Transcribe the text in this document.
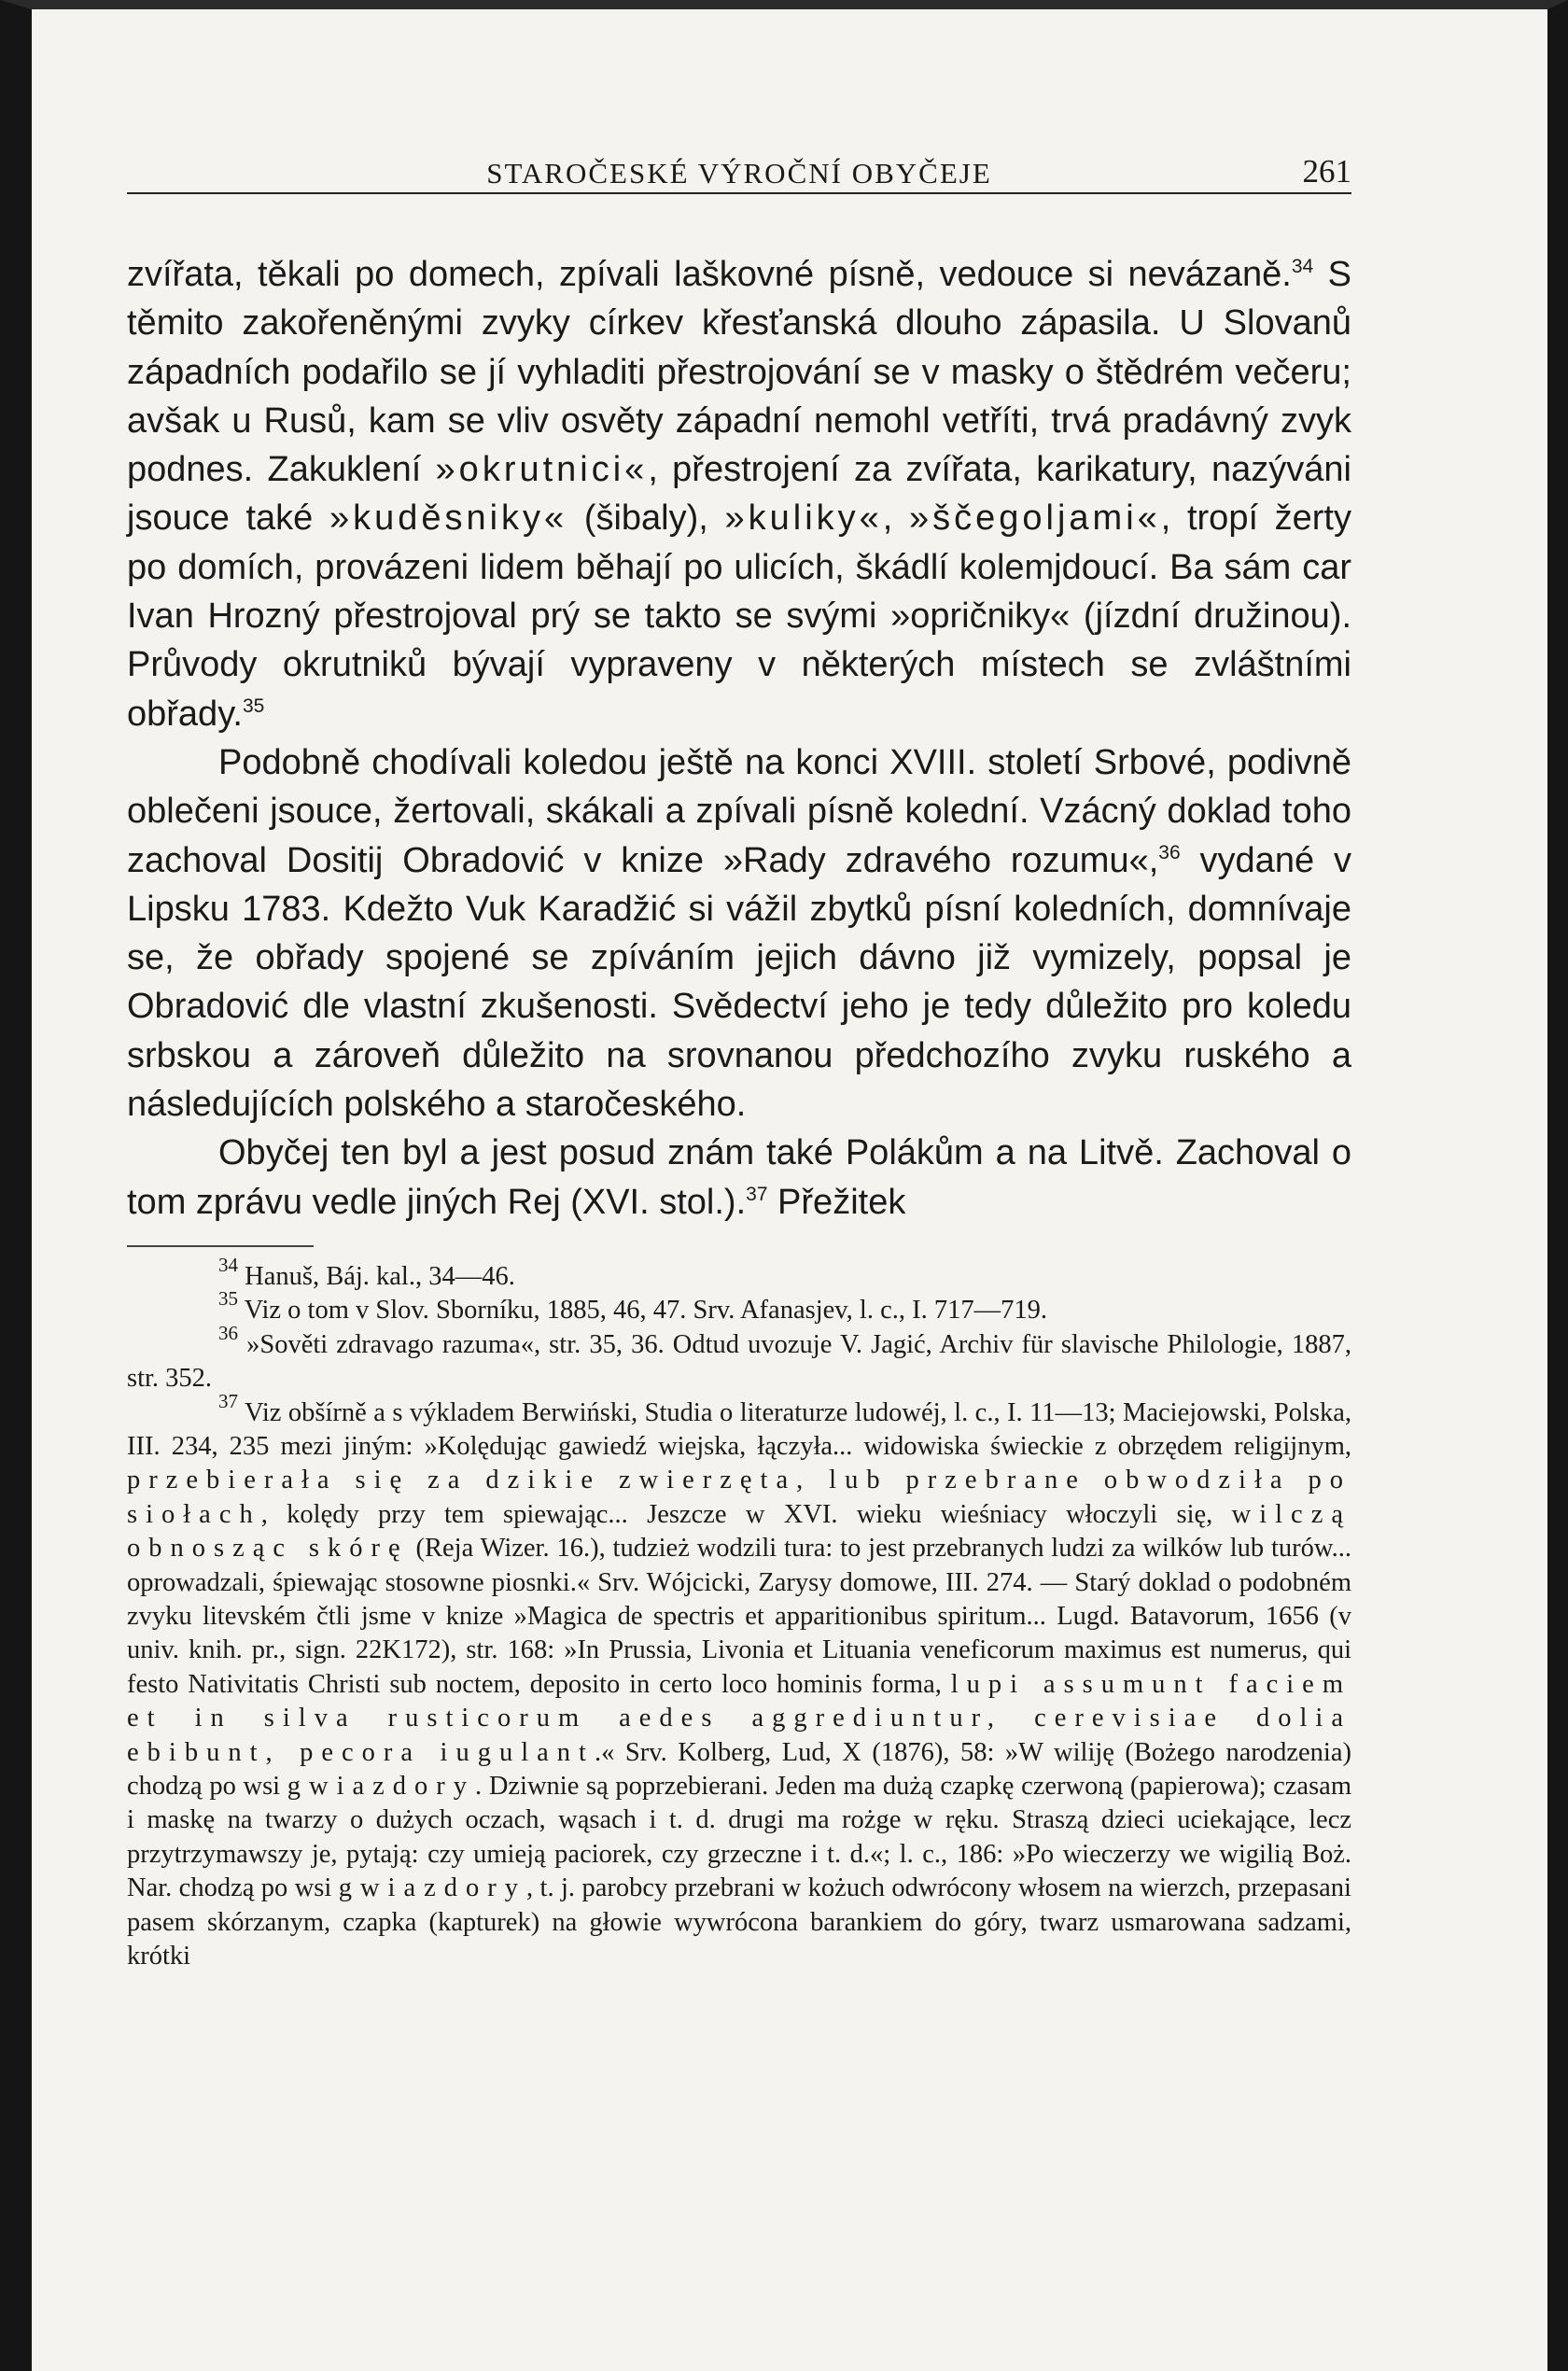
STAROČESKÉ VÝROČNÍ OBYČEJE	261

zvířata, těkali po domech, zpívali laškovné písně, vedouce si nevázaně.$^{34}$ S těmito zakořeněnými zvyky církev křesťanská dlouho zápasila. U Slovanů západních podařilo se jí vyhladiti přestrojování se v masky o štědrém večeru; avšak u Rusů, kam se vliv osvěty západní nemohl vetříti, trvá pradávný zvyk podnes. Zakuklení »okrutnici«, přestrojení za zvířata, karikatury, nazýváni jsouce také »kuděsniky« (šibaly), »kuliky«, »ščegoljami«, tropí žerty po domích, provázeni lidem běhají po ulicích, škádlí kolemjdoucí. Ba sám car Ivan Hrozný přestrojoval prý se takto se svými »opričniky« (jízdní družinou). Průvody okrutniků bývají vypraveny v některých místech se zvláštními obřady.$^{35}$

Podobně chodívali koledou ještě na konci XVIII. století Srbové, podivně oblečeni jsouce, žertovali, skákali a zpívali písně kolední. Vzácný doklad toho zachoval Dositij Obradović v knize »Rady zdravého rozumu«,$^{36}$ vydané v Lipsku 1783. Kdežto Vuk Karadžić si vážil zbytků písní koledních, domnívaje se, že obřady spojené se zpíváním jejich dávno již vymizely, popsal je Obradović dle vlastní zkušenosti. Svědectví jeho je tedy důležito pro koledu srbskou a zároveň důležito na srovnanou předchozího zvyku ruského a následujících polského a staročeského.

Obyčej ten byl a jest posud znám také Polákům a na Litvě. Zachoval o tom zprávu vedle jiných Rej (XVI. stol.).$^{37}$ Přežitek

$^{34}$ Hanuš, Báj. kal., 34—46.

$^{35}$ Viz o tom v Slov. Sborníku, 1885, 46, 47. Srv. Afanasjev, l. c., I. 717—719.

$^{36}$ »Sověti zdravago razuma«, str. 35, 36. Odtud uvozuje V. Jagić, Archiv für slavische Philologie, 1887, str. 352.

$^{37}$ Viz obšírně a s výkladem Berwiński, Studia o literaturze ludowéj, l. c., I. 11—13; Maciejowski, Polska, III. 234, 235 mezi jiným: »Kolędując gawiedź wiejska, łączyła... widowiska świeckie z obrzędem religijnym, przebierała się za dzikie zwierzęta, lub przebrane obwodziła po siołach, kolędy przy tem spiewając... Jeszcze w XVI. wieku wieśniacy włoczyli się, wilczą obnosząc skórę (Reja Wizer. 16.), tudzież wodzili tura: to jest przebranych ludzi za wilków lub turów... oprowadzali, śpiewając stosowne piosnki.« Srv. Wójcicki, Zarysy domowe, III. 274. — Starý doklad o podobném zvyku litevském čtli jsme v knize »Magica de spectris et apparitionibus spiritum... Lugd. Batavorum, 1656 (v univ. knih. pr., sign. 22K172), str. 168: »In Prussia, Livonia et Lituania veneficorum maximus est numerus, qui festo Nativitatis Christi sub noctem, deposito in certo loco hominis forma, lupi assumunt faciem et in silva rusticorum aedes aggrediuntur, cerevisiae dolia ebibunt, pecora iugulant.« Srv. Kolberg, Lud, X (1876), 58: »W wiliję (Bożego narodzenia) chodzą po wsi gwiazdory. Dziwnie są poprzebierani. Jeden ma dużą czapkę czerwoną (papierowa); czasam i maskę na twarzy o dużych oczach, wąsach i t. d. drugi ma rożge w ręku. Straszą dzieci uciekające, lecz przytrzymawszy je, pytają: czy umieją paciorek, czy grzeczne i t. d.«; l. c., 186: »Po wieczerzy we wigilią Boż. Nar. chodzą po wsi gwiazdory, t. j. parobcy przebrani w kożuch odwrócony włosem na wierzch, przepasani pasem skórzanym, czapka (kapturek) na głowie wywrócona barankiem do góry, twarz usmarowana sadzami, krótki
